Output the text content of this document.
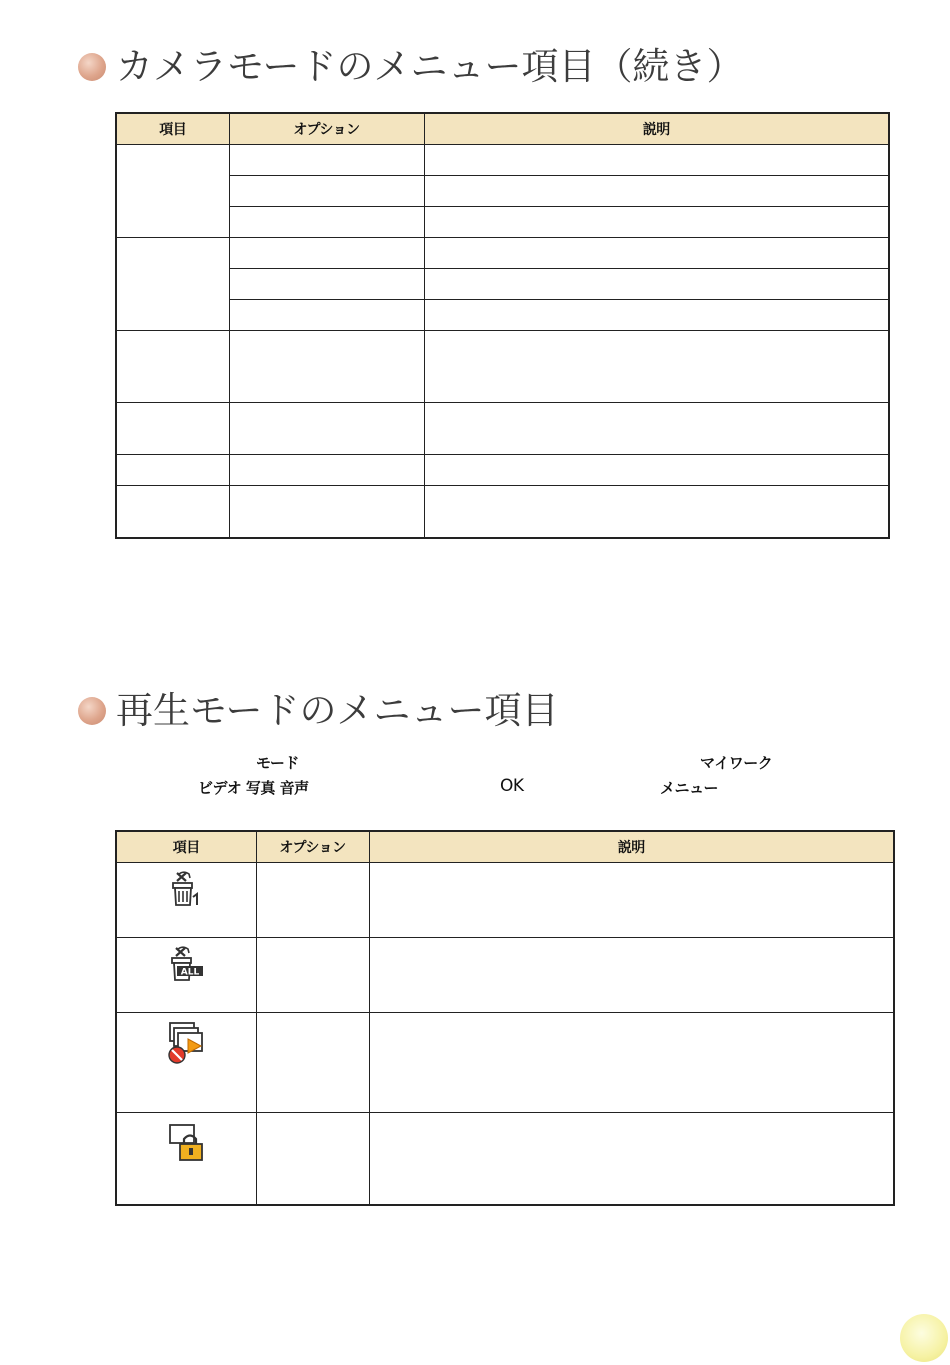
カメラモードのメニュー項目（続き）
項目	オプション	説明

再生モードのメニュー項目
モード	マイワーク
ビデオ 写真 音声	OK	メニュー
項目	オプション	説明

ALL		
